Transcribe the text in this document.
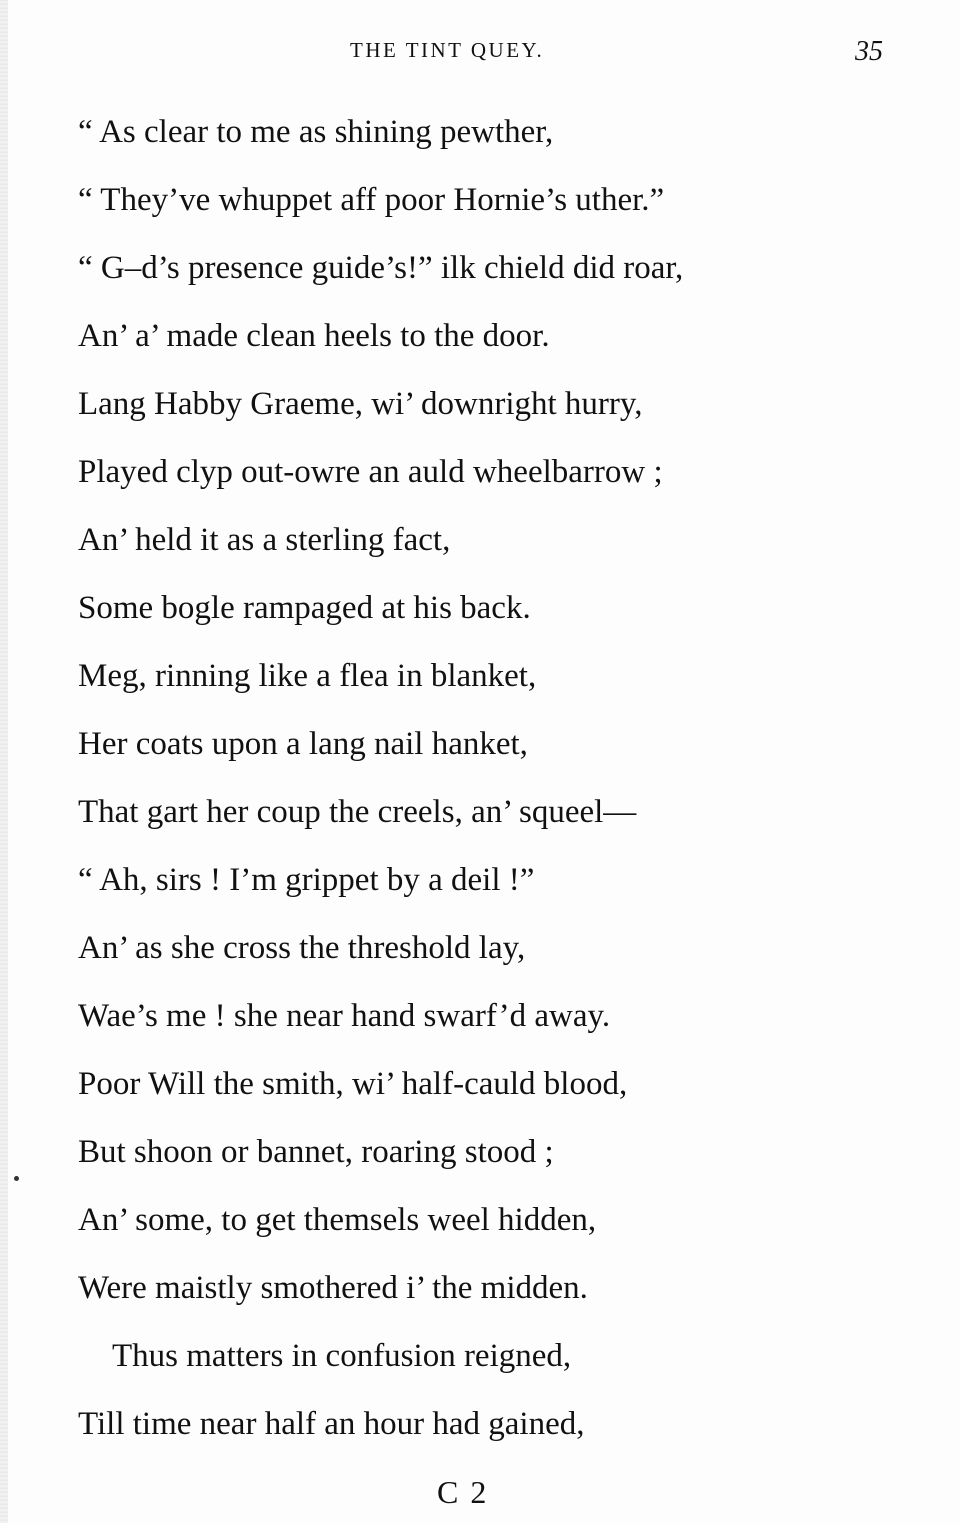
THE TINT QUEY.	35
“ As clear to me as shining pewther,
“ They’ve whuppet aff poor Hornie’s uther.”
“ G–d’s presence guide’s!” ilk chield did roar,
An’ a’ made clean heels to the door.
Lang Habby Graeme, wi’ downright hurry,
Played clyp out-owre an auld wheelbarrow ;
An’ held it as a sterling fact,
Some bogle rampaged at his back.
Meg, rinning like a flea in blanket,
Her coats upon a lang nail hanket,
That gart her coup the creels, an’ squeel—
“ Ah, sirs ! I’m grippet by a deil !”
An’ as she cross the threshold lay,
Wae’s me ! she near hand swarf’d away.
Poor Will the smith, wi’ half-cauld blood,
But shoon or bannet, roaring stood ;
An’ some, to get themsels weel hidden,
Were maistly smothered i’ the midden.
Thus matters in confusion reigned,
Till time near half an hour had gained,
C 2
